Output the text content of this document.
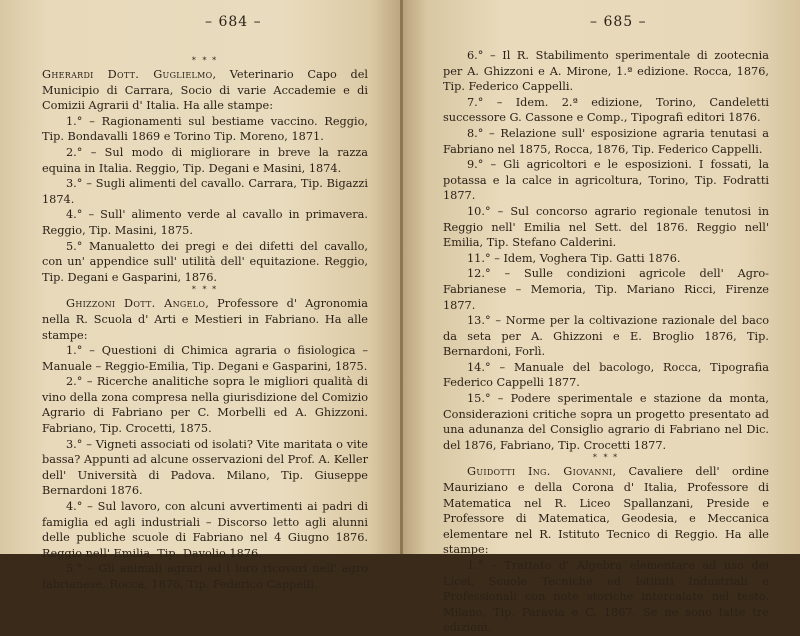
– 684 –
* * *

Gherardi Dott. Guglielmo, Veterinario Capo del Municipio di Carrara, Socio di varie Accademie e di Comizii Agrarii d' Italia. Ha alle stampe:

1.° – Ragionamenti sul bestiame vaccino. Reggio, Tip. Bondavalli 1869 e Torino Tip. Moreno, 1871.

2.° – Sul modo di migliorare in breve la razza equina in Italia. Reggio, Tip. Degani e Masini, 1874.

3.° – Sugli alimenti del cavallo. Carrara, Tip. Bigazzi 1874.

4.° – Sull' alimento verde al cavallo in primavera. Reggio, Tip. Masini, 1875.

5.° Manualetto dei pregi e dei difetti del cavallo, con un' appendice sull' utilità dell' equitazione. Reggio, Tip. Degani e Gasparini, 1876.

* * *

Ghizzoni Dott. Angelo, Professore d' Agronomia nella R. Scuola d' Arti e Mestieri in Fabriano. Ha alle stampe:

1.° – Questioni di Chimica agraria o fisiologica – Manuale – Reggio-Emilia, Tip. Degani e Gasparini, 1875.

2.° – Ricerche analitiche sopra le migliori qualità di vino della zona compresa nella giurisdizione del Comizio Agrario di Fabriano per C. Morbelli ed A. Ghizzoni. Fabriano, Tip. Crocetti, 1875.

3.° – Vigneti associati od isolati? Vite maritata o vite bassa? Appunti ad alcune osservazioni del Prof. A. Keller dell' Università di Padova. Milano, Tip. Giuseppe Bernardoni 1876.

4.° – Sul lavoro, con alcuni avvertimenti ai padri di famiglia ed agli industriali – Discorso letto agli alunni delle publiche scuole di Fabriano nel 4 Giugno 1876. Reggio nell' Emilia, Tip. Davolio 1876.

5.° – Gli animali agrari ed i loro ricoveri nell' agro fabrianese. Rocca, 1876, Tip. Federico Cappelli.

– 685 –

6.° – Il R. Stabilimento sperimentale di zootecnia per A. Ghizzoni e A. Mirone, 1.ª edizione. Rocca, 1876, Tip. Federico Cappelli.

7.° – Idem. 2.ª edizione, Torino, Candeletti successore G. Cassone e Comp., Tipografi editori 1876.

8.° – Relazione sull' esposizione agraria tenutasi a Fabriano nel 1875, Rocca, 1876, Tip. Federico Cappelli.

9.° – Gli agricoltori e le esposizioni. I fossati, la potassa e la calce in agricoltura, Torino, Tip. Fodratti 1877.

10.° – Sul concorso agrario regionale tenutosi in Reggio nell' Emilia nel Sett. del 1876. Reggio nell' Emilia, Tip. Stefano Calderini.

11.° – Idem, Voghera Tip. Gatti 1876.

12.° – Sulle condizioni agricole dell' Agro-Fabrianese – Memoria, Tip. Mariano Ricci, Firenze 1877.

13.° – Norme per la coltivazione razionale del baco da seta per A. Ghizzoni e E. Broglio 1876, Tip. Bernardoni, Forlì.

14.° – Manuale del bacologo, Rocca, Tipografia Federico Cappelli 1877.

15.° – Podere sperimentale e stazione da monta, Considerazioni critiche sopra un progetto presentato ad una adunanza del Consiglio agrario di Fabriano nel Dic. del 1876, Fabriano, Tip. Crocetti 1877.

* * *

Guidotti Ing. Giovanni, Cavaliere dell' ordine Mauriziano e della Corona d' Italia, Professore di Matematica nel R. Liceo Spallanzani, Preside e Professore di Matematica, Geodesia, e Meccanica elementare nel R. Istituto Tecnico di Reggio. Ha alle stampe:

1.° – Trattato d' Algebra elementare ad uso dei Licei, Scuole Tecniche ed Istituti Industriali e Professionali con note storiche intercalate nel testo. Milano, Tip. Paravia e C. 1867. Se ne sono fatte tre edizioni.
